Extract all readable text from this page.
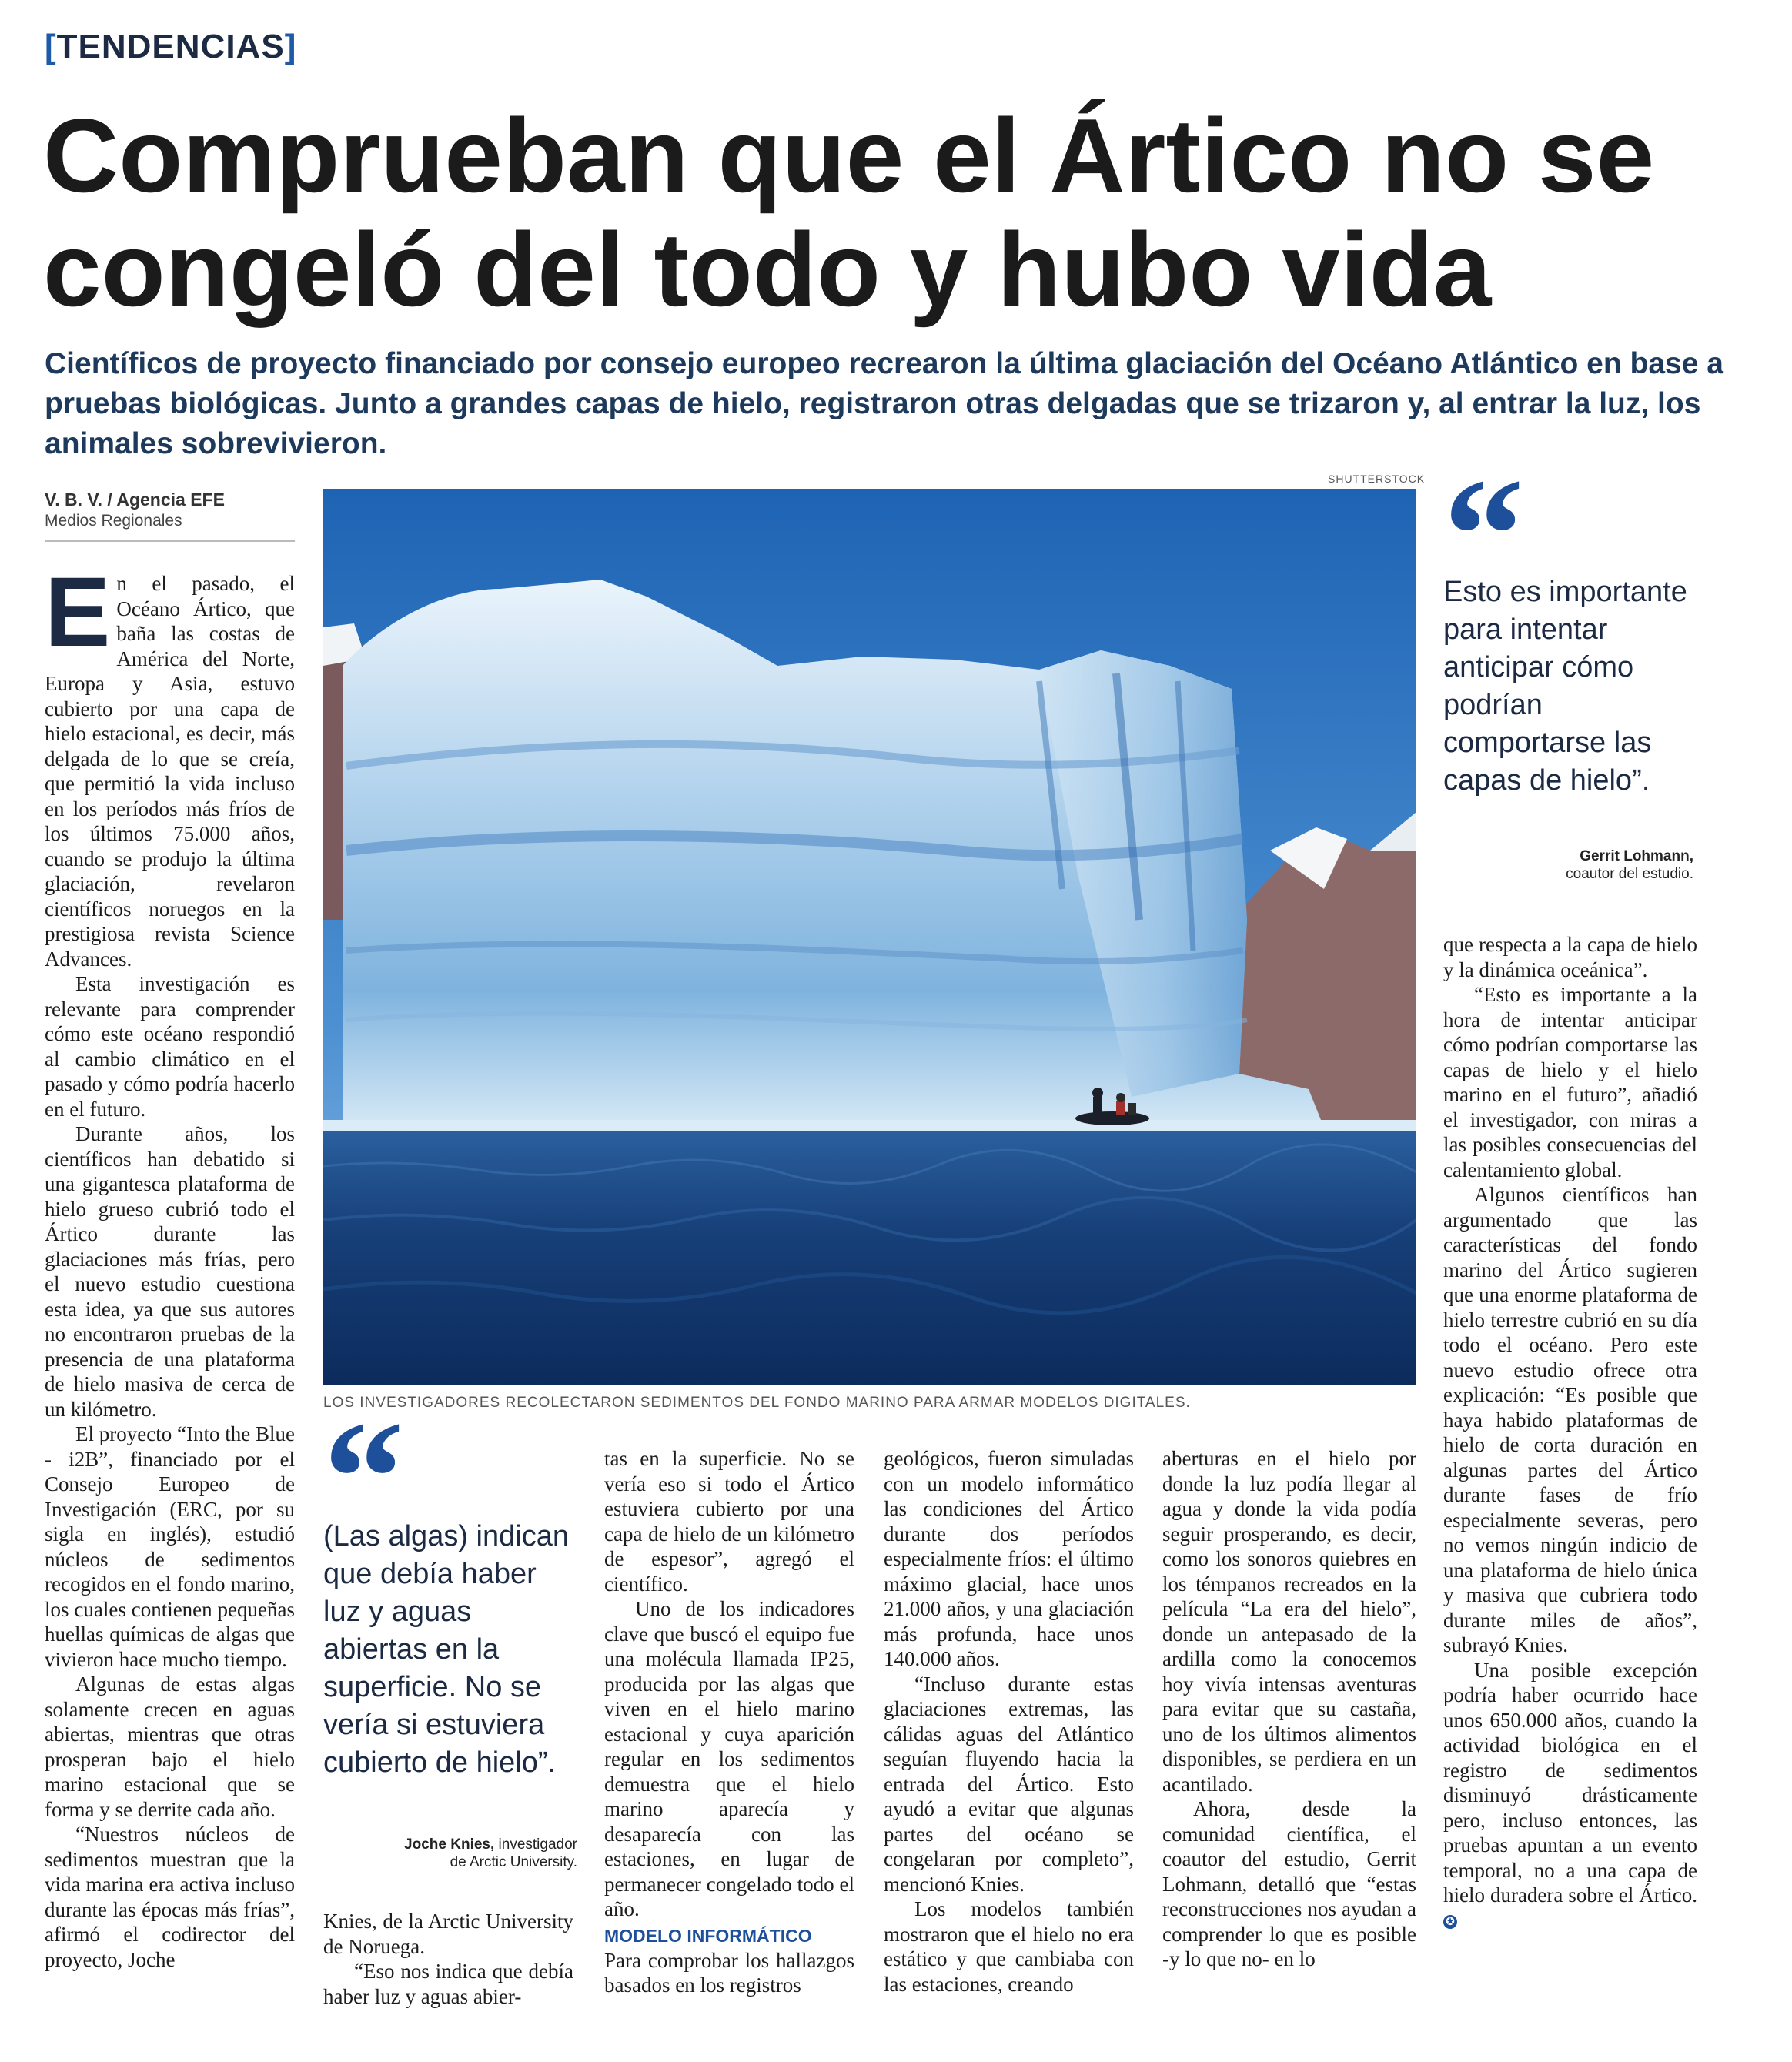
[TENDENCIAS]
Comprueban que el Ártico no se congeló del todo y hubo vida

Científicos de proyecto financiado por consejo europeo recrearon la última glaciación del Océano Atlántico en base a pruebas biológicas. Junto a grandes capas de hielo, registraron otras delgadas que se trizaron y, al entrar la luz, los animales sobrevivieron.

V. B. V. / Agencia EFE
Medios Regionales
SHUTTERSTOCK
LOS INVESTIGADORES RECOLECTARON SEDIMENTOS DEL FONDO MARINO PARA ARMAR MODELOS DIGITALES.
Esto es importante para intentar anticipar cómo podrían comportarse las capas de hielo”.
Gerrit Lohmann,
coautor del estudio.

En el pasado, el Océano Ártico, que baña las costas de América del Norte, Europa y Asia, estuvo cubierto por una capa de hielo estacional, es decir, más delgada de lo que se creía, que permitió la vida incluso en los períodos más fríos de los últimos 75.000 años, cuando se produjo la última glaciación, revelaron científicos noruegos en la prestigiosa revista Science Advances.

Esta investigación es relevante para comprender cómo este océano respondió al cambio climático en el pasado y cómo podría hacerlo en el futuro.

Durante años, los científicos han debatido si una gigantesca plataforma de hielo grueso cubrió todo el Ártico durante las glaciaciones más frías, pero el nuevo estudio cuestiona esta idea, ya que sus autores no encontraron pruebas de la presencia de una plataforma de hielo masiva de cerca de un kilómetro.

El proyecto “Into the Blue - i2B”, financiado por el Consejo Europeo de Investigación (ERC, por su sigla en inglés), estudió núcleos de sedimentos recogidos en el fondo marino, los cuales contienen pequeñas huellas químicas de algas que vivieron hace mucho tiempo.

Algunas de estas algas solamente crecen en aguas abiertas, mientras que otras prosperan bajo el hielo marino estacional que se forma y se derrite cada año.

“Nuestros núcleos de sedimentos muestran que la vida marina era activa incluso durante las épocas más frías”, afirmó el codirector del proyecto, Joche

(Las algas) indican que debía haber luz y aguas abiertas en la superficie. No se vería si estuviera cubierto de hielo”.
Joche Knies, investigador
de Arctic University.

Knies, de la Arctic University de Noruega.

“Eso nos indica que debía haber luz y aguas abier-

tas en la superficie. No se vería eso si todo el Ártico estuviera cubierto por una capa de hielo de un kilómetro de espesor”, agregó el científico.

Uno de los indicadores clave que buscó el equipo fue una molécula llamada IP25, producida por las algas que viven en el hielo marino estacional y cuya aparición regular en los sedimentos demuestra que el hielo marino aparecía y desaparecía con las estaciones, en lugar de permanecer congelado todo el año.

MODELO INFORMÁTICO

Para comprobar los hallazgos basados en los registros

geológicos, fueron simuladas con un modelo informático las condiciones del Ártico durante dos períodos especialmente fríos: el último máximo glacial, hace unos 21.000 años, y una glaciación más profunda, hace unos 140.000 años.

“Incluso durante estas glaciaciones extremas, las cálidas aguas del Atlántico seguían fluyendo hacia la entrada del Ártico. Esto ayudó a evitar que algunas partes del océano se congelaran por completo”, mencionó Knies.

Los modelos también mostraron que el hielo no era estático y que cambiaba con las estaciones, creando

aberturas en el hielo por donde la luz podía llegar al agua y donde la vida podía seguir prosperando, es decir, como los sonoros quiebres en los témpanos recreados en la película “La era del hielo”, donde un antepasado de la ardilla como la conocemos hoy vivía intensas aventuras para evitar que su castaña, uno de los últimos alimentos disponibles, se perdiera en un acantilado.

Ahora, desde la comunidad científica, el coautor del estudio, Gerrit Lohmann, detalló que “estas reconstrucciones nos ayudan a comprender lo que es posible -y lo que no- en lo

que respecta a la capa de hielo y la dinámica oceánica”.

“Esto es importante a la hora de intentar anticipar cómo podrían comportarse las capas de hielo y el hielo marino en el futuro”, añadió el investigador, con miras a las posibles consecuencias del calentamiento global.

Algunos científicos han argumentado que las características del fondo marino del Ártico sugieren que una enorme plataforma de hielo terrestre cubrió en su día todo el océano. Pero este nuevo estudio ofrece otra explicación: “Es posible que haya habido plataformas de hielo de corta duración en algunas partes del Ártico durante fases de frío especialmente severas, pero no vemos ningún indicio de una plataforma de hielo única y masiva que cubriera todo durante miles de años”, subrayó Knies.

Una posible excepción podría haber ocurrido hace unos 650.000 años, cuando la actividad biológica en el registro de sedimentos disminuyó drásticamente pero, incluso entonces, las pruebas apuntan a un evento temporal, no a una capa de hielo duradera sobre el Ártico. ✪
